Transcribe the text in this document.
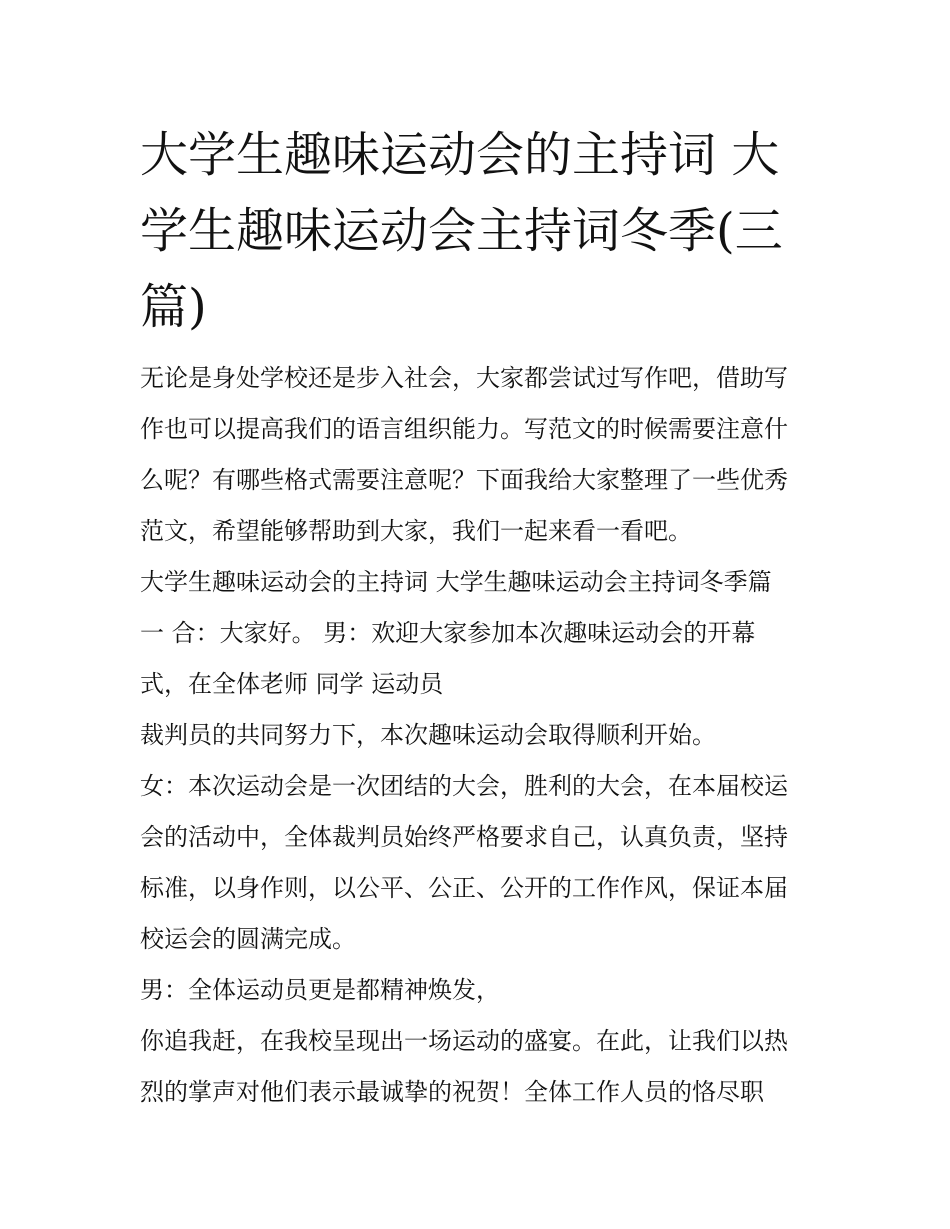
大学生趣味运动会的主持词 大
学生趣味运动会主持词冬季(三
篇)
无论是身处学校还是步入社会，大家都尝试过写作吧，借助写
作也可以提高我们的语言组织能力。写范文的时候需要注意什
么呢？有哪些格式需要注意呢？下面我给大家整理了一些优秀
范文，希望能够帮助到大家，我们一起来看一看吧。
大学生趣味运动会的主持词 大学生趣味运动会主持词冬季篇
一 合：大家好。 男：欢迎大家参加本次趣味运动会的开幕
式，在全体老师 同学 运动员
裁判员的共同努力下，本次趣味运动会取得顺利开始。
女：本次运动会是一次团结的大会，胜利的大会，在本届校运
会的活动中，全体裁判员始终严格要求自己，认真负责，坚持
标准，以身作则，以公平、公正、公开的工作作风，保证本届
校运会的圆满完成。
男：全体运动员更是都精神焕发，
你追我赶，在我校呈现出一场运动的盛宴。在此，让我们以热
烈的掌声对他们表示最诚挚的祝贺！全体工作人员的恪尽职
